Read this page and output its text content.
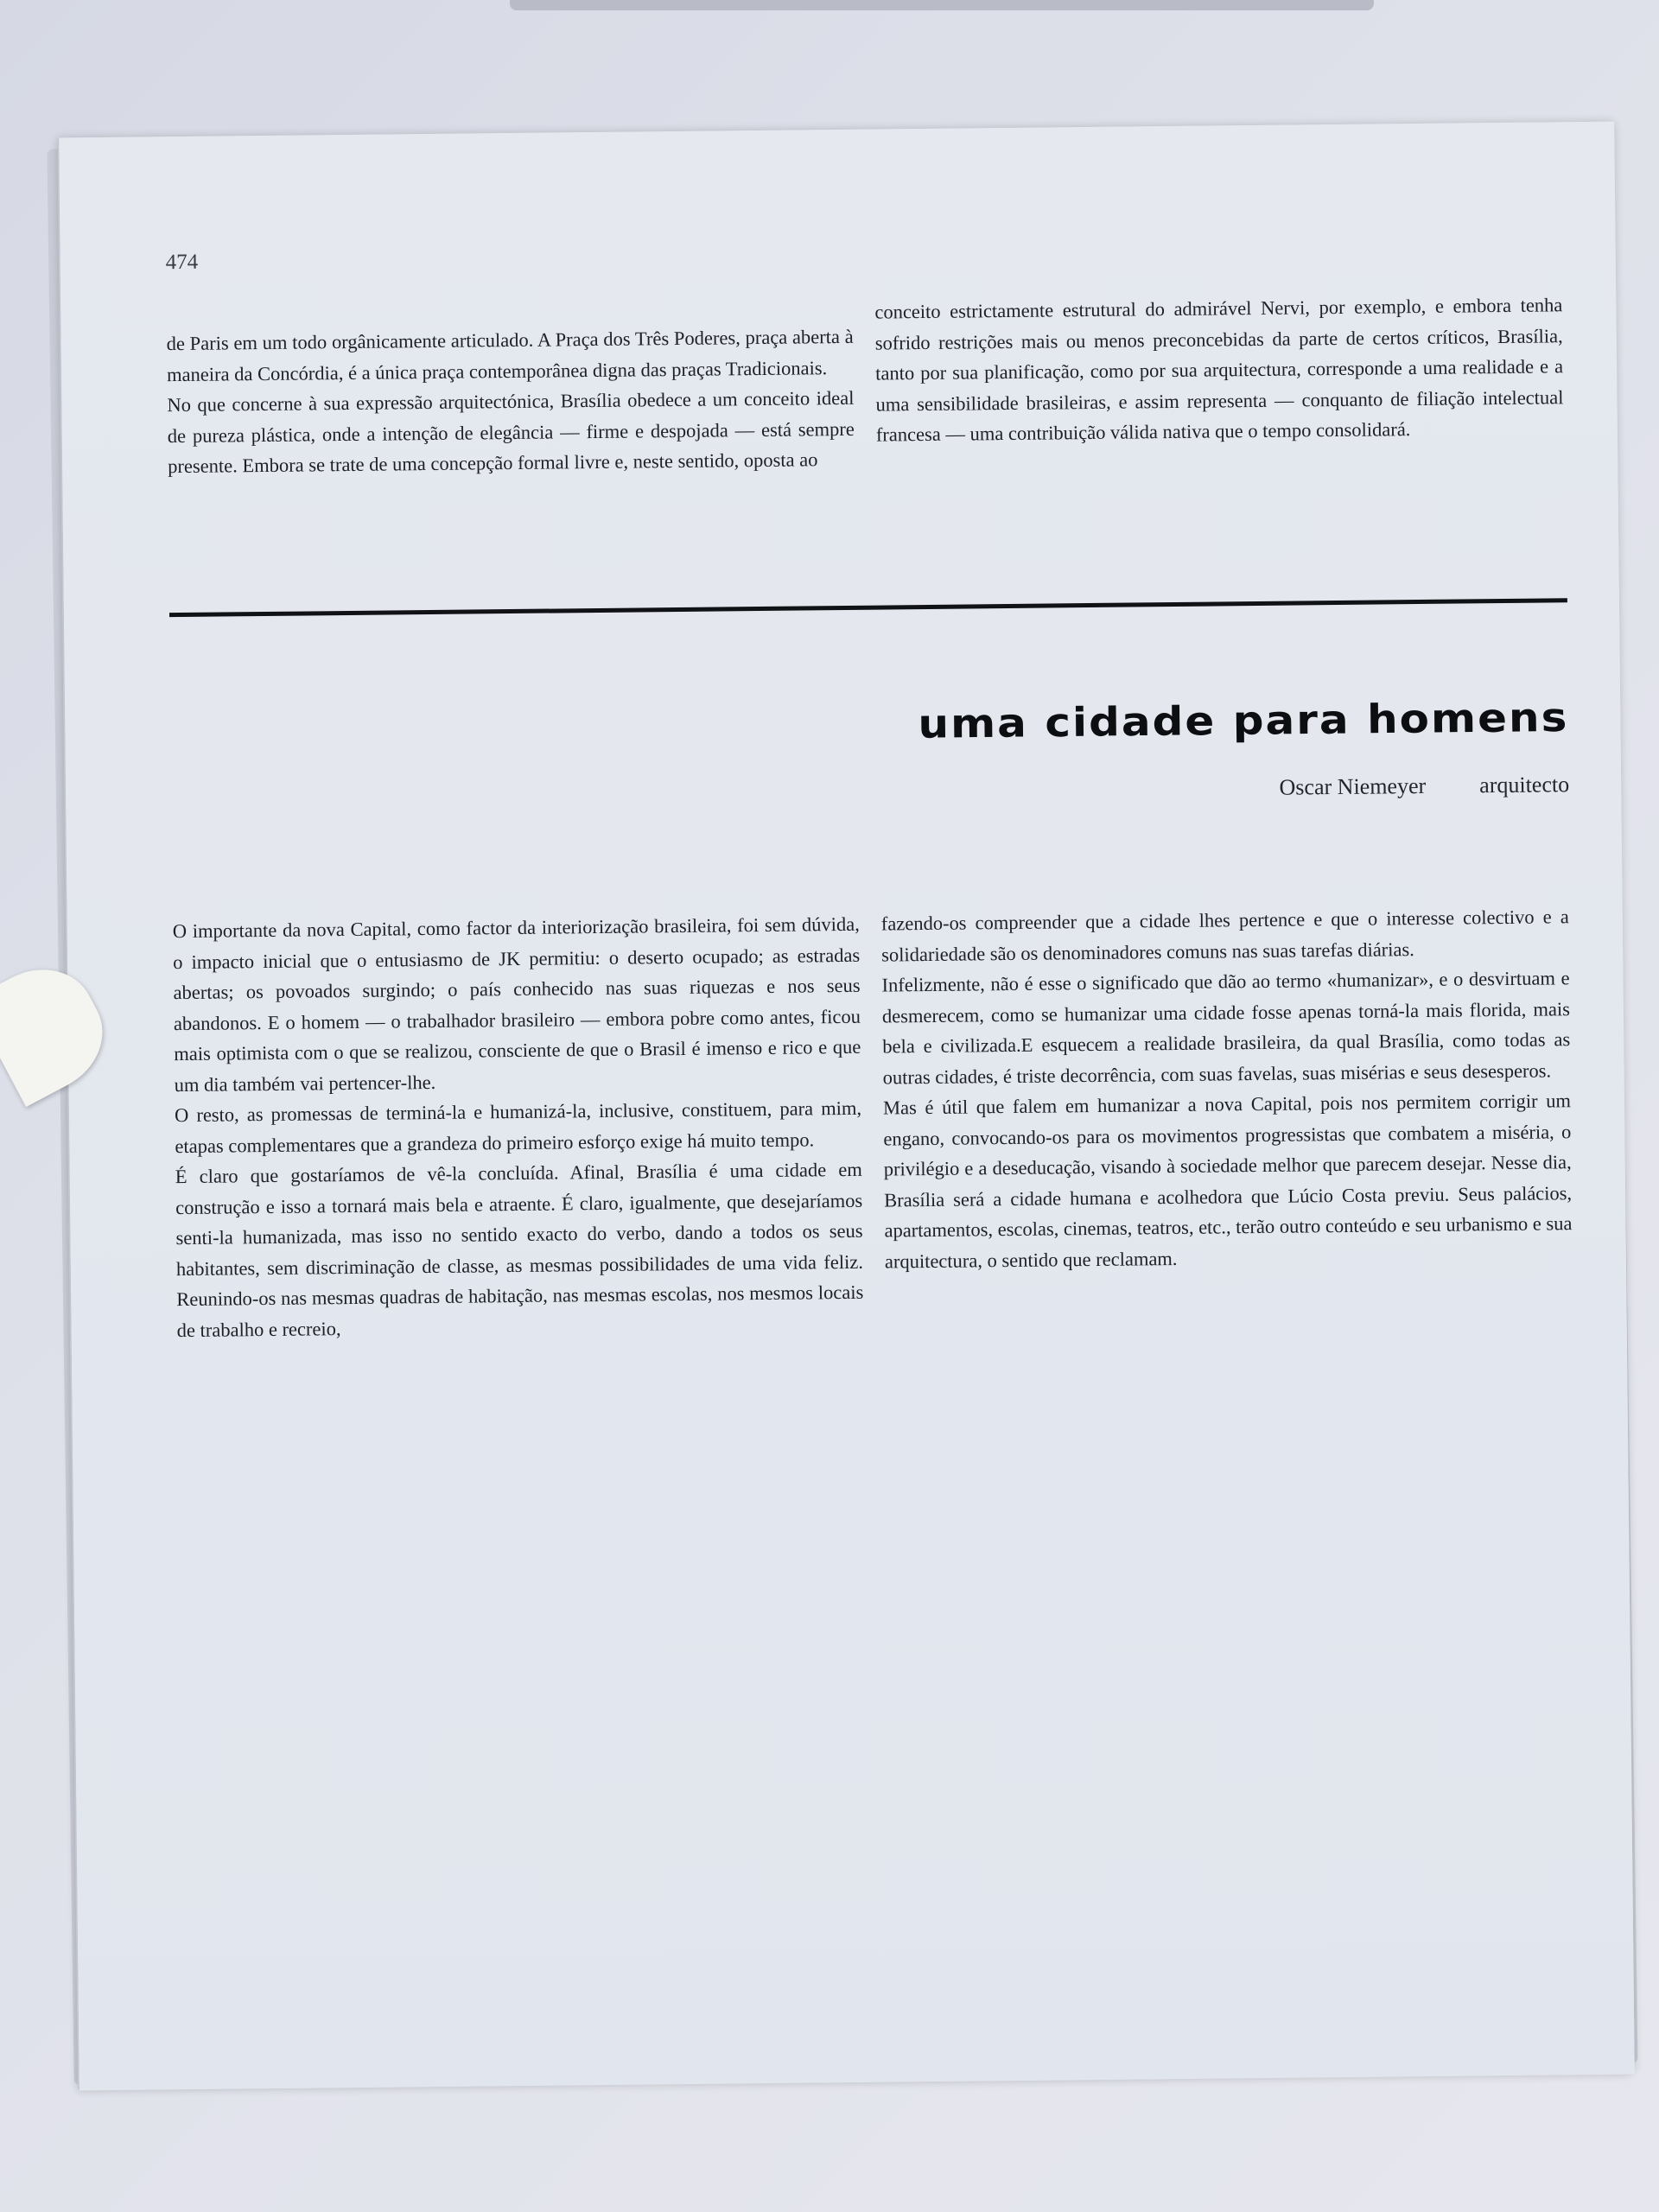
474

de Paris em um todo orgânicamente articulado. A Praça dos Três Poderes, praça aberta à maneira da Concórdia, é a única praça contemporânea digna das praças Tradicionais.

No que concerne à sua expressão arquitectónica, Brasília obedece a um conceito ideal de pureza plástica, onde a intenção de elegância — firme e despojada — está sempre presente. Embora se trate de uma concepção formal livre e, neste sentido, oposta ao

conceito estrictamente estrutural do admirável Nervi, por exemplo, e embora tenha sofrido restrições mais ou menos preconcebidas da parte de certos críticos, Brasília, tanto por sua planificação, como por sua arquitectura, corresponde a uma realidade e a uma sensibilidade brasileiras, e assim representa — conquanto de filiação intelectual francesa — uma contribuição válida nativa que o tempo consolidará.

uma cidade para homens
Oscar Niemeyer arquitecto

O importante da nova Capital, como factor da interiorização brasileira, foi sem dúvida, o impacto inicial que o entusiasmo de JK permitiu: o deserto ocupado; as estradas abertas; os povoados surgindo; o país conhecido nas suas riquezas e nos seus abandonos. E o homem — o trabalhador brasileiro — embora pobre como antes, ficou mais optimista com o que se realizou, consciente de que o Brasil é imenso e rico e que um dia também vai pertencer-lhe.

O resto, as promessas de terminá-la e humanizá-la, inclusive, constituem, para mim, etapas complementares que a grandeza do primeiro esforço exige há muito tempo.

É claro que gostaríamos de vê-la concluída. Afinal, Brasília é uma cidade em construção e isso a tornará mais bela e atraente. É claro, igualmente, que desejaríamos senti-la humanizada, mas isso no sentido exacto do verbo, dando a todos os seus habitantes, sem discriminação de classe, as mesmas possibilidades de uma vida feliz. Reunindo-os nas mesmas quadras de habitação, nas mesmas escolas, nos mesmos locais de trabalho e recreio,

fazendo-os compreender que a cidade lhes pertence e que o interesse colectivo e a solidariedade são os denominadores comuns nas suas tarefas diárias.

Infelizmente, não é esse o significado que dão ao termo «humanizar», e o desvirtuam e desmerecem, como se humanizar uma cidade fosse apenas torná-la mais florida, mais bela e civilizada.E esquecem a realidade brasileira, da qual Brasília, como todas as outras cidades, é triste decorrência, com suas favelas, suas misérias e seus desesperos.

Mas é útil que falem em humanizar a nova Capital, pois nos permitem corrigir um engano, convocando-os para os movimentos progressistas que combatem a miséria, o privilégio e a deseducação, visando à sociedade melhor que parecem desejar. Nesse dia, Brasília será a cidade humana e acolhedora que Lúcio Costa previu. Seus palácios, apartamentos, escolas, cinemas, teatros, etc., terão outro conteúdo e seu urbanismo e sua arquitectura, o sentido que reclamam.
